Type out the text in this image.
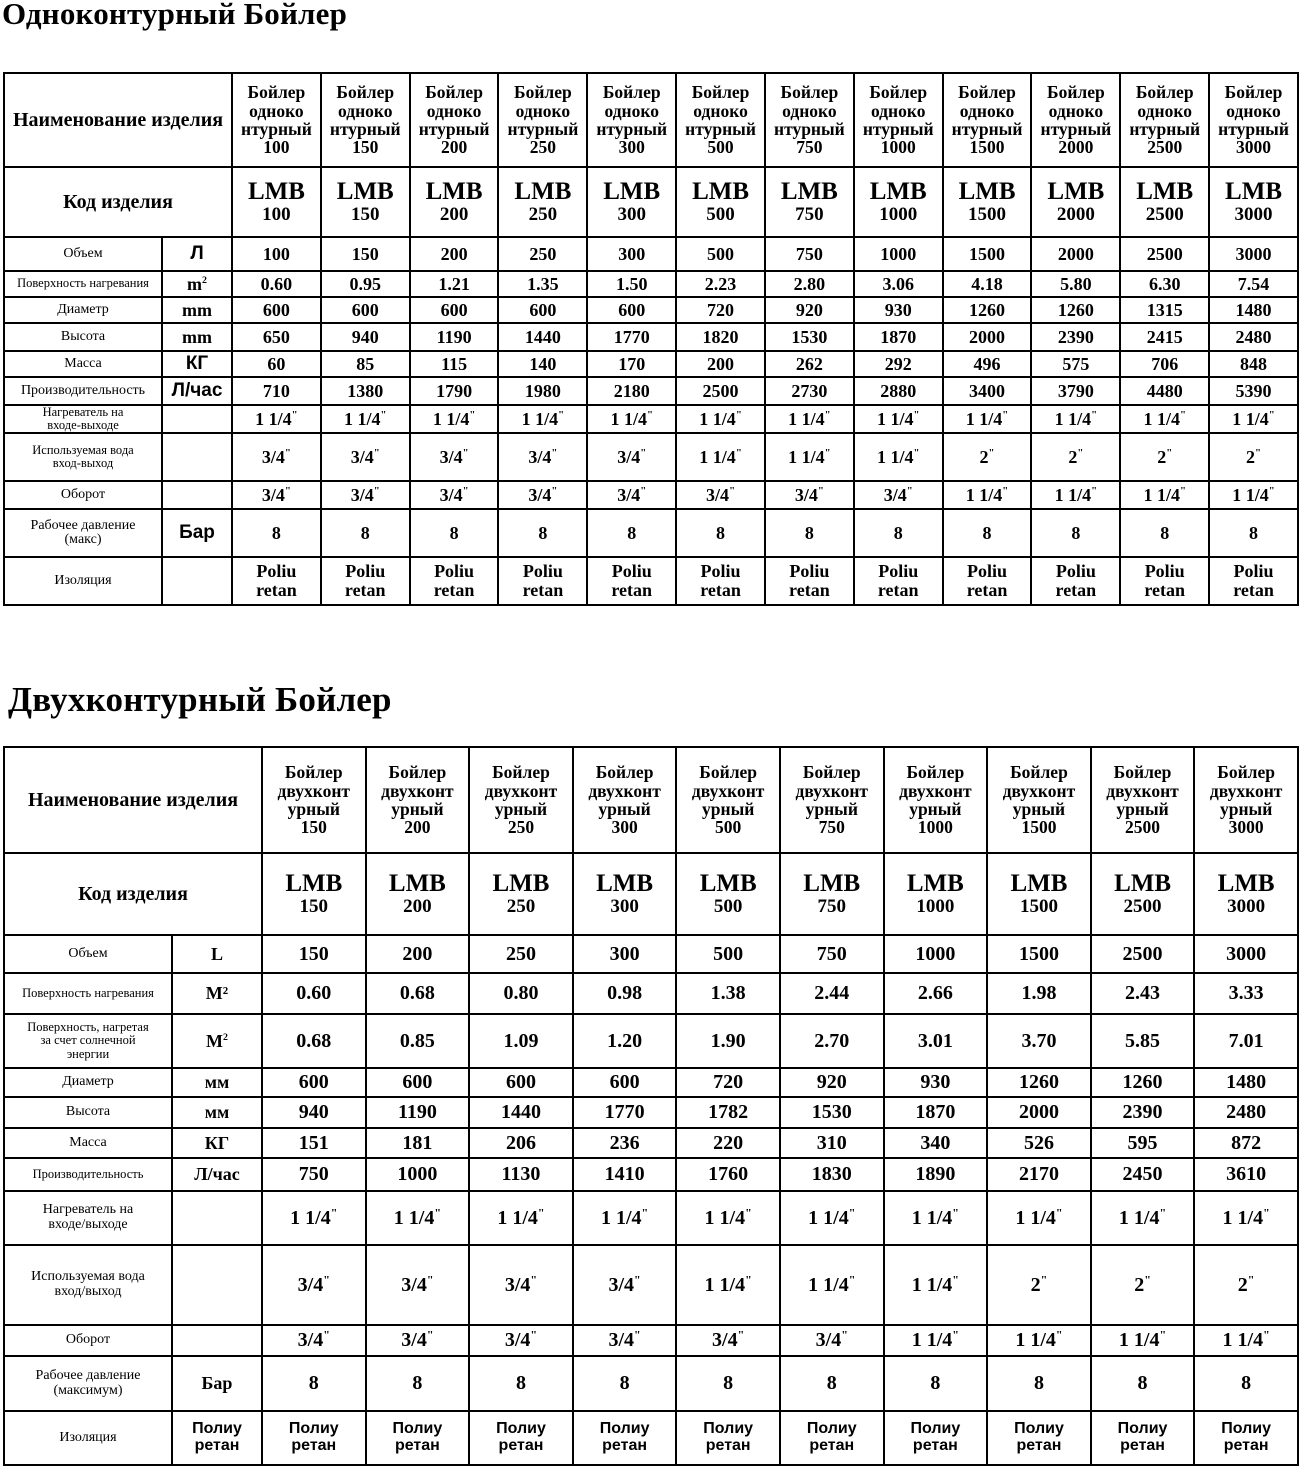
Одноконтурный Бойлер
Наименование изделия		Бойлер
одноко
нтурный
100	Бойлер
одноко
нтурный
150	Бойлер
одноко
нтурный
200	Бойлер
одноко
нтурный
250	Бойлер
одноко
нтурный
300	Бойлер
одноко
нтурный
500	Бойлер
одноко
нтурный
750	Бойлер
одноко
нтурный
1000	Бойлер
одноко
нтурный
1500	Бойлер
одноко
нтурный
2000	Бойлер
одноко
нтурный
2500	Бойлер
одноко
нтурный
3000
Код изделия		LMB
100	LMB
150	LMB
200	LMB
250	LMB
300	LMB
500	LMB
750	LMB
1000	LMB
1500	LMB
2000	LMB
2500	LMB
3000

Объем	Л	100	150	200	250	300	500	750	1000	1500	2000	2500	3000
Поверхность нагревания	$m^2$	0.60	0.95	1.21	1.35	1.50	2.23	2.80	3.06	4.18	5.80	6.30	7.54
Диаметр	mm	600	600	600	600	600	720	920	930	1260	1260	1315	1480
Высота	mm	650	940	1190	1440	1770	1820	1530	1870	2000	2390	2415	2480
Масса	КГ	60	85	115	140	170	200	262	292	496	575	706	848
Производительность	Л/час	710	1380	1790	1980	2180	2500	2730	2880	3400	3790	4480	5390
Нагреватель на
входе-выходе		1 1/4"	1 1/4"	1 1/4"	1 1/4"	1 1/4"	1 1/4"	1 1/4"	1 1/4"	1 1/4"	1 1/4"	1 1/4"	1 1/4"
Используемая вода
вход-выход		3/4"	3/4"	3/4"	3/4"	3/4"	1 1/4"	1 1/4"	1 1/4"	2"	2"	2"	2"
Оборот		3/4"	3/4"	3/4"	3/4"	3/4"	3/4"	3/4"	3/4"	1 1/4"	1 1/4"	1 1/4"	1 1/4"
Рабочее давление
(макс)	Бар	8	8	8	8	8	8	8	8	8	8	8	8
Изоляция		Poliu
retan	Poliu
retan	Poliu
retan	Poliu
retan	Poliu
retan	Poliu
retan	Poliu
retan	Poliu
retan	Poliu
retan	Poliu
retan	Poliu
retan	Poliu
retan
Двухконтурный Бойлер
Наименование изделия		Бойлер
двухконт
урный
150	Бойлер
двухконт
урный
200	Бойлер
двухконт
урный
250	Бойлер
двухконт
урный
300	Бойлер
двухконт
урный
500	Бойлер
двухконт
урный
750	Бойлер
двухконт
урный
1000	Бойлер
двухконт
урный
1500	Бойлер
двухконт
урный
2500	Бойлер
двухконт
урный
3000
Код изделия		LMB
150	LMB
200	LMB
250	LMB
300	LMB
500	LMB
750	LMB
1000	LMB
1500	LMB
2500	LMB
3000

Объем	L	150	200	250	300	500	750	1000	1500	2500	3000
Поверхность нагревания	M²	0.60	0.68	0.80	0.98	1.38	2.44	2.66	1.98	2.43	3.33
Поверхность, нагретая
за счет солнечной
энергии	$M^2$	0.68	0.85	1.09	1.20	1.90	2.70	3.01	3.70	5.85	7.01
Диаметр	мм	600	600	600	600	720	920	930	1260	1260	1480
Высота	мм	940	1190	1440	1770	1782	1530	1870	2000	2390	2480
Масса	КГ	151	181	206	236	220	310	340	526	595	872
Производительность	Л/час	750	1000	1130	1410	1760	1830	1890	2170	2450	3610
Нагреватель на
входе/выходе		1 1/4"	1 1/4"	1 1/4"	1 1/4"	1 1/4"	1 1/4"	1 1/4"	1 1/4"	1 1/4"	1 1/4"
Используемая вода
вход/выход		3/4"	3/4"	3/4"	3/4"	1 1/4"	1 1/4"	1 1/4"	2"	2"	2"
Оборот		3/4"	3/4"	3/4"	3/4"	3/4"	3/4"	1 1/4"	1 1/4"	1 1/4"	1 1/4"
Рабочее давление
(максимум)	Бар	8	8	8	8	8	8	8	8	8	8
Изоляция	Полиу
ретан	Полиу
ретан	Полиу
ретан	Полиу
ретан	Полиу
ретан	Полиу
ретан	Полиу
ретан	Полиу
ретан	Полиу
ретан	Полиу
ретан	Полиу
ретан
